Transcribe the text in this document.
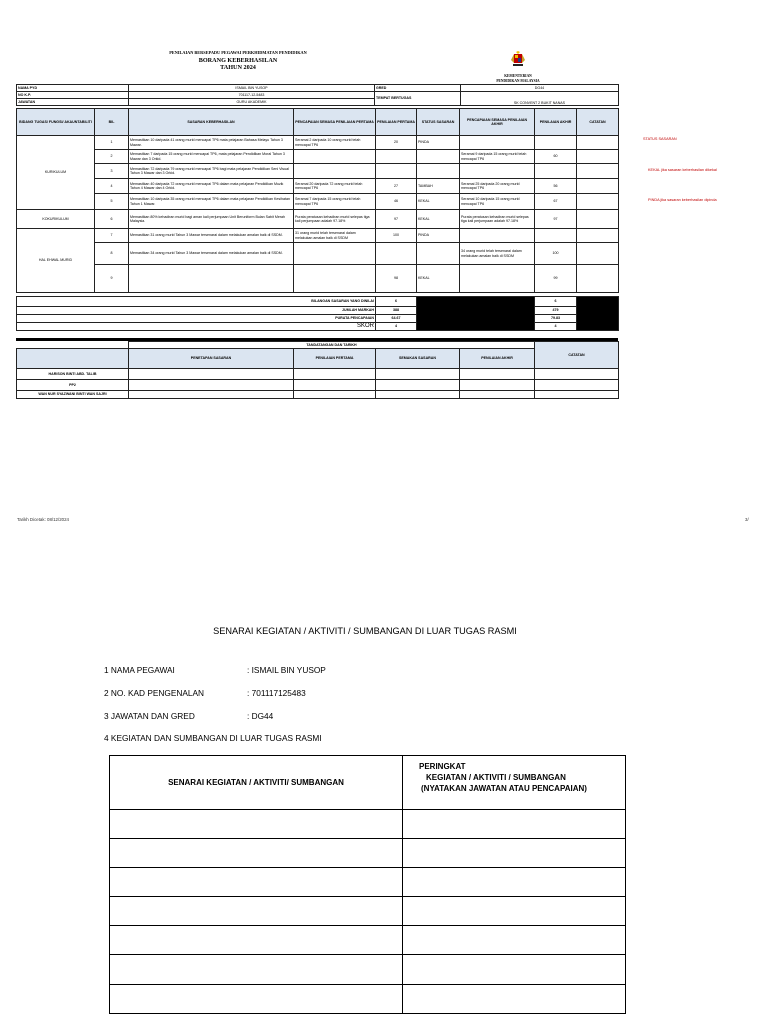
PENILAIAN BERSEPADU PEGAWAI PERKHIDMATAN PENDIDIKAN
BORANG KEBERHASILAN
TAHUN 2024
KEMENTERIAN
PENDIDIKAN MALAYSIA
NAMA PYD	ISMAIL BIN YUSOP	GRED	DG44
NO K.P.	701117-12-5483	TEMPAT BERTUGAS	SK CONVENT 2 BUKIT NANAS
JAWATAN	GURU AKADEMIK		
BIDANG TUGAS/ FUNGSI/ AKAUNTABILITI	BIL	SASARAN KEBERHASILAN	PENCAPAIAN SEMASA PENILAIAN PERTAMA	PENILAIAN PERTAMA	STATUS SASARAN	PENCAPAIAN SEMASA PENILAIAN AKHIR	PENILAIAN AKHIR	CATATAN
KURIKULUM	1	Memastikan 10 daripada 41 orang murid mencapai TP6 mata pelajaran Bahasa Melayu Tahun 3 Mawar.	Seramai 2 daripada 10 orang murid telah mencapai TP6	20	PINDA			
	2	Memastikan 7 daripada 15 orang murid mencapai TP6, mata pelajaran Pendidikan Moral Tahun 3 Mawar dan 3 Orkid.				Seramai 9 daripada 15 orang murid telah mencapai TP6	60	
	3	Memastikan 72 daripada 79 orang murid mencapai TP6 bagi mata pelajaran Pendidikan Seni Visual Tahun 3 Mawar dan 3 Orkid.						
	4	Memastikan 40 daripada 72 orang murid mencapai TP6 dalam mata pelajaran Pendidikan Muzik Tahun 4 Mawar dan 4 Orkid.	Seramai 20 daripada 72 orang murid telah mencapai TP6	27	TAMBAH	Seramai 25 daripada 20 orang murid mencapai TP6	56	
	5	Memastikan 10 daripada 35 orang murid mencapai TP6 dalam mata pelajaran Pendidikan Kesihatan Tahun 1 Mawar.	Seramai 7 daripada 15 orang murid telah mencapai TP6	46	KEKAL	Seramai 10 daripada 15 orang murid mencapai TP6	67	
KOKURIKULUM	6	Memastikan 80% kehadiran murid bagi aman kali perjumpaan Unit Beruniform Bulan Sabit Merah Malaysia.	Purata peratusan kehadiran murid selepas tiga kali perjumpaan adalah 97.18%	97	KEKAL	Purata peratusan kehadiran murid selepas tiga kali perjumpaan adalah 97.18%	97	
HAL EHWAL MURID	7	Memastikan 31 orang murid Tahun 3 Mawar tersenarai dalam melakukan amalan baik di SSDM.	31 orang murid telah tersenarai dalam melakukan amalan baik di SSDM	100	PINDA			
	8	Memastikan 34 orang murid Tahun 3 Mawar tersenarai dalam melakukan amalan baik di SSDM.				34 orang murid telah tersenarai dalam melakukan amalan baik di SSDM	100	
	9			98	KEKAL		99	

BILANGAN SASARAN YANG DINILAI				6			6	
JUMLAH MARKAH				388			479	
PURATA PENCAPAIAN				64.67			79.83	
SKOR				4			4	
	TANDATANGAN DAN TARIKH				CATATAN
	PENETAPAN SASARAN	PENILAIAN PERTAMA	SEMAKAN SASARAN	PENILAIAN AKHIR	
HARISON BINTI ABD. TALIB					
PP2					
WAN NUR SYAZWANI BINTI WAN SAJRI					
STATUS SASARAN
KEKAL jika sasaran keberhasilan dikekal
PINDA jika sasaran keberhasilan dipinda
Tarikh Dicetak: 08/12/2024	3/
SENARAI KEGIATAN / AKTIVITI / SUMBANGAN DI LUAR TUGAS RASMI
1 NAMA PEGAWAI	: ISMAIL BIN YUSOP
2 NO. KAD PENGENALAN	: 701117125483
3 JAWATAN DAN GRED	: DG44
4 KEGIATAN DAN SUMBANGAN DI LUAR TUGAS RASMI
SENARAI KEGIATAN / AKTIVITI/ SUMBANGAN	PERINGKAT
KEGIATAN / AKTIVITI / SUMBANGAN
(NYATAKAN JAWATAN ATAU PENCAPAIAN)
